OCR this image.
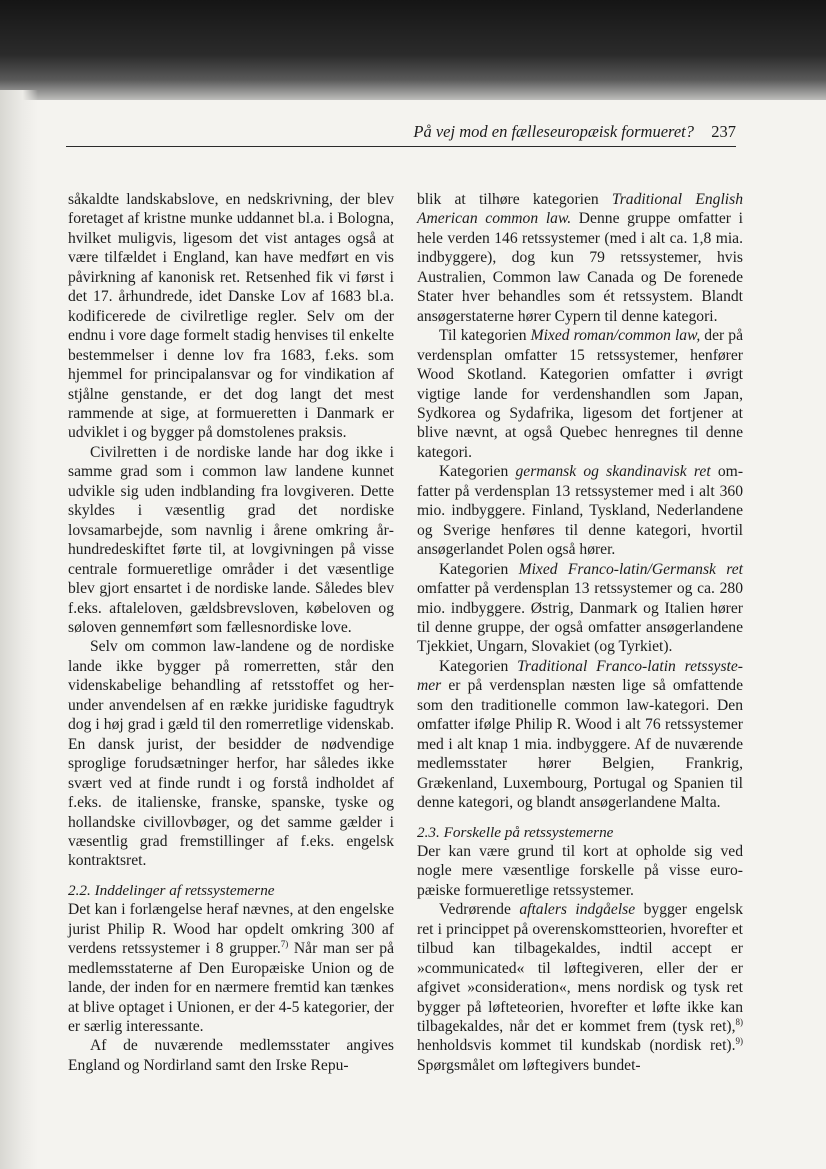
På vej mod en fælleseuropæisk formueret? 237

såkaldte landskabslove, en nedskrivning, der blev foretaget af kristne munke uddannet bl.a. i Bologna, hvilket muligvis, ligesom det vist antages også at være tilfældet i England, kan have medført en vis påvirkning af kanonisk ret. Retsenhed fik vi først i det 17. århundrede, idet Danske Lov af 1683 bl.a. kodificerede de civilretlige regler. Selv om der endnu i vore dage formelt stadig henvises til enkelte bestemmelser i denne lov fra 1683, f.eks. som hjemmel for principalansvar og for vindikation af stjålne genstande, er det dog langt det mest rammende at sige, at formueretten i Danmark er udviklet i og bygger på domstolenes praksis.

Civilretten i de nordiske lande har dog ikke i samme grad som i common law landene kunnet udvikle sig uden indblanding fra lovgiveren. Dette skyldes i væsentlig grad det nordiske lovsamarbejde, som navnlig i årene omkring århundredeskiftet førte til, at lovgivningen på visse centrale formueretlige områder i det væsentlige blev gjort ensartet i de nordiske lande. Således blev f.eks. aftaleloven, gældsbrevsloven, købeloven og søloven gennemført som fællesnordiske love.

Selv om common law-landene og de nordiske lande ikke bygger på romerretten, står den videnskabelige behandling af retsstoffet og herunder anvendelsen af en række juridiske fagudtryk dog i høj grad i gæld til den romerretlige videnskab. En dansk jurist, der besidder de nødvendige sproglige forudsætninger herfor, har således ikke svært ved at finde rundt i og forstå indholdet af f.eks. de italienske, franske, spanske, tyske og hollandske civillovbøger, og det samme gælder i væsentlig grad fremstillinger af f.eks. engelsk kontraktsret.

2.2. Inddelinger af retssystemerne

Det kan i forlængelse heraf nævnes, at den engelske jurist Philip R. Wood har opdelt omkring 300 af verdens retssystemer i 8 grupper.$^{7)}$ Når man ser på medlemsstaterne af Den Europæiske Union og de lande, der inden for en nærmere fremtid kan tænkes at blive optaget i Unionen, er der 4-5 kategorier, der er særlig interessante.

Af de nuværende medlemsstater angives England og Nordirland samt den Irske Repu-

blik at tilhøre kategorien Traditional English American common law. Denne gruppe omfatter i hele verden 146 retssystemer (med i alt ca. 1,8 mia. indbyggere), dog kun 79 retssystemer, hvis Australien, Common law Canada og De forenede Stater hver behandles som ét retssystem. Blandt ansøgerstaterne hører Cypern til denne kategori.

Til kategorien Mixed roman/common law, der på verdensplan omfatter 15 retssystemer, henfører Wood Skotland. Kategorien omfatter i øvrigt vigtige lande for verdenshandlen som Japan, Sydkorea og Sydafrika, ligesom det fortjener at blive nævnt, at også Quebec henregnes til denne kategori.

Kategorien germansk og skandinavisk ret omfatter på verdensplan 13 retssystemer med i alt 360 mio. indbyggere. Finland, Tyskland, Nederlandene og Sverige henføres til denne kategori, hvortil ansøgerlandet Polen også hører.

Kategorien Mixed Franco-latin/Germansk ret omfatter på verdensplan 13 retssystemer og ca. 280 mio. indbyggere. Østrig, Danmark og Italien hører til denne gruppe, der også omfatter ansøgerlandene Tjekkiet, Ungarn, Slovakiet (og Tyrkiet).

Kategorien Traditional Franco-latin retssystemer er på verdensplan næsten lige så omfattende som den traditionelle common law-kategori. Den omfatter ifølge Philip R. Wood i alt 76 retssystemer med i alt knap 1 mia. indbyggere. Af de nuværende medlemsstater hører Belgien, Frankrig, Grækenland, Luxembourg, Portugal og Spanien til denne kategori, og blandt ansøgerlandene Malta.

2.3. Forskelle på retssystemerne

Der kan være grund til kort at opholde sig ved nogle mere væsentlige forskelle på visse europæiske formueretlige retssystemer.

Vedrørende aftalers indgåelse bygger engelsk ret i princippet på overenskomstteorien, hvorefter et tilbud kan tilbagekaldes, indtil accept er »communicated« til løftegiveren, eller der er afgivet »consideration«, mens nordisk og tysk ret bygger på løfteteorien, hvorefter et løfte ikke kan tilbagekaldes, når det er kommet frem (tysk ret),$^{8)}$ henholdsvis kommet til kundskab (nordisk ret).$^{9)}$ Spørgsmålet om løftegivers bundet-
